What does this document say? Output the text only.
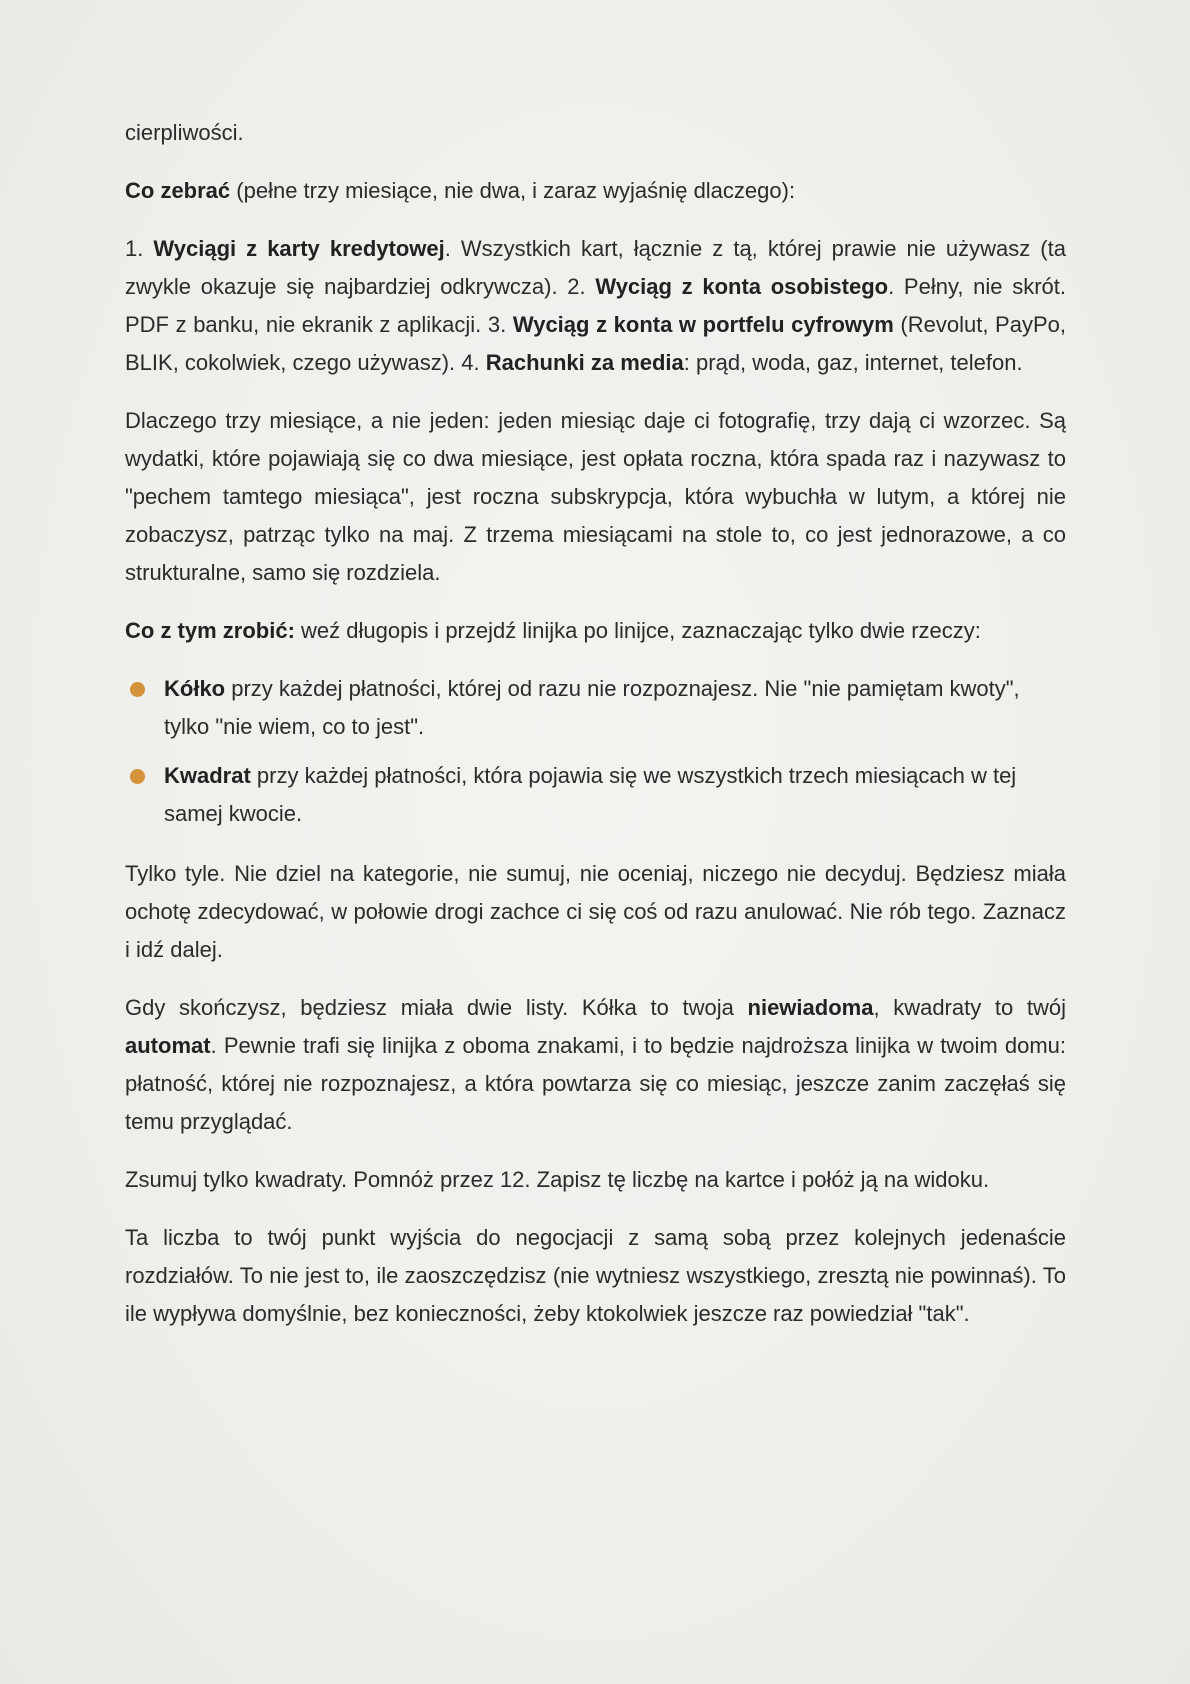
cierpliwości.

Co zebrać (pełne trzy miesiące, nie dwa, i zaraz wyjaśnię dlaczego):

1. Wyciągi z karty kredytowej. Wszystkich kart, łącznie z tą, której prawie nie używasz (ta zwykle okazuje się najbardziej odkrywcza). 2. Wyciąg z konta osobistego. Pełny, nie skrót. PDF z banku, nie ekranik z aplikacji. 3. Wyciąg z konta w portfelu cyfrowym (Revolut, PayPo, BLIK, cokolwiek, czego używasz). 4. Rachunki za media: prąd, woda, gaz, internet, telefon.

Dlaczego trzy miesiące, a nie jeden: jeden miesiąc daje ci fotografię, trzy dają ci wzorzec. Są wydatki, które pojawiają się co dwa miesiące, jest opłata roczna, która spada raz i nazywasz to "pechem tamtego miesiąca", jest roczna subskrypcja, która wybuchła w lutym, a której nie zobaczysz, patrząc tylko na maj. Z trzema miesiącami na stole to, co jest jednorazowe, a co strukturalne, samo się rozdziela.

Co z tym zrobić: weź długopis i przejdź linijka po linijce, zaznaczając tylko dwie rzeczy:

Kółko przy każdej płatności, której od razu nie rozpoznajesz. Nie "nie pamiętam kwoty", tylko "nie wiem, co to jest".
Kwadrat przy każdej płatności, która pojawia się we wszystkich trzech miesiącach w tej samej kwocie.

Tylko tyle. Nie dziel na kategorie, nie sumuj, nie oceniaj, niczego nie decyduj. Będziesz miała ochotę zdecydować, w połowie drogi zachce ci się coś od razu anulować. Nie rób tego. Zaznacz i idź dalej.

Gdy skończysz, będziesz miała dwie listy. Kółka to twoja niewiadoma, kwadraty to twój automat. Pewnie trafi się linijka z oboma znakami, i to będzie najdroższa linijka w twoim domu: płatność, której nie rozpoznajesz, a która powtarza się co miesiąc, jeszcze zanim zaczęłaś się temu przyglądać.

Zsumuj tylko kwadraty. Pomnóż przez 12. Zapisz tę liczbę na kartce i połóż ją na widoku.

Ta liczba to twój punkt wyjścia do negocjacji z samą sobą przez kolejnych jedenaście rozdziałów. To nie jest to, ile zaoszczędzisz (nie wytniesz wszystkiego, zresztą nie powinnaś). To ile wypływa domyślnie, bez konieczności, żeby ktokolwiek jeszcze raz powiedział "tak".
